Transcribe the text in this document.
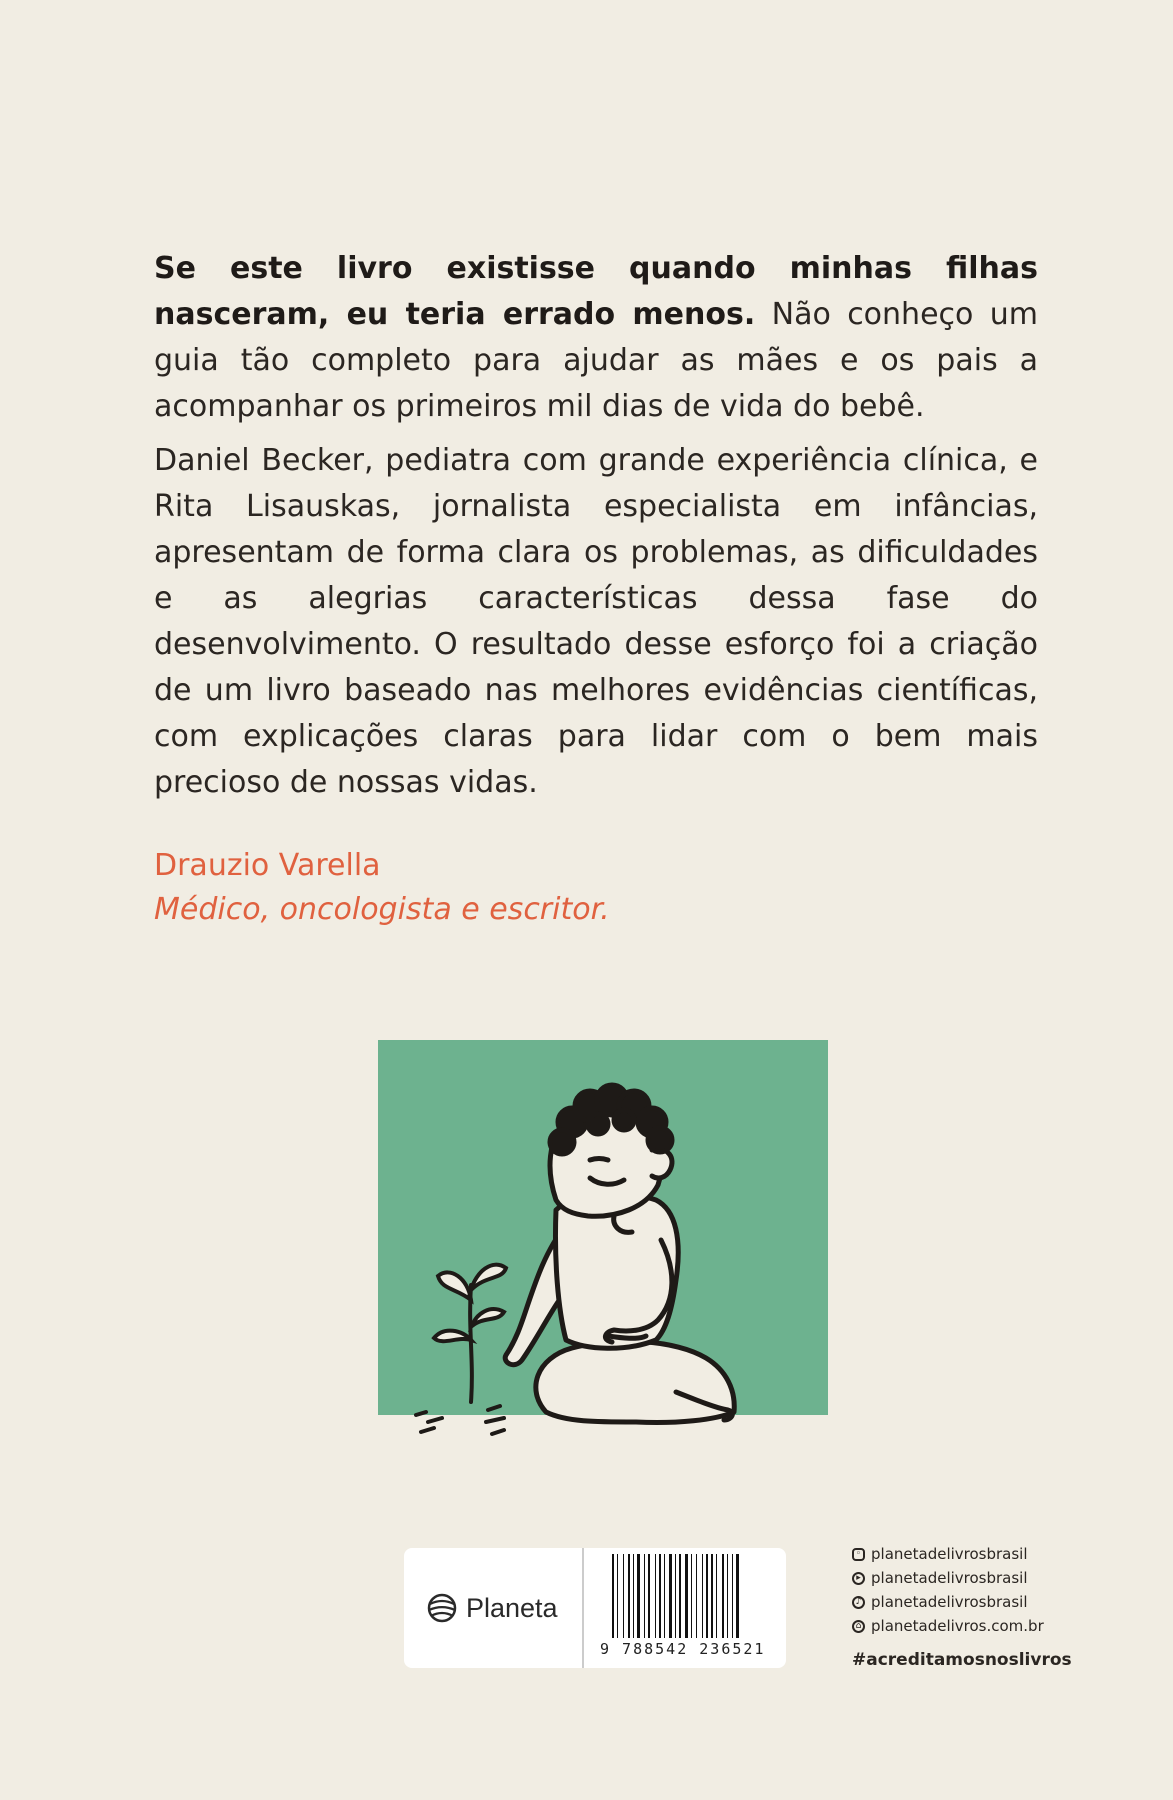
Se este livro existisse quando minhas filhas nasceram, eu teria errado menos. Não conheço um guia tão completo para ajudar as mães e os pais a acompanhar os primeiros mil dias de vida do bebê.

Daniel Becker, pediatra com grande experiência clínica, e Rita Lisauskas, jornalista especialista em infâncias, apresentam de forma clara os problemas, as dificuldades e as alegrias características dessa fase do desenvolvimento. O resultado desse esforço foi a criação de um livro baseado nas melhores evidências científicas, com explicações claras para lidar com o bem mais precioso de nossas vidas.

Drauzio Varella
Médico, oncologista e escritor.
Planeta
9 788542 236521
◦ planetadelivrosbrasil
▸ planetadelivrosbrasil
♪ planetadelivrosbrasil
⌂ planetadelivros.com.br
#acreditamosnoslivros
